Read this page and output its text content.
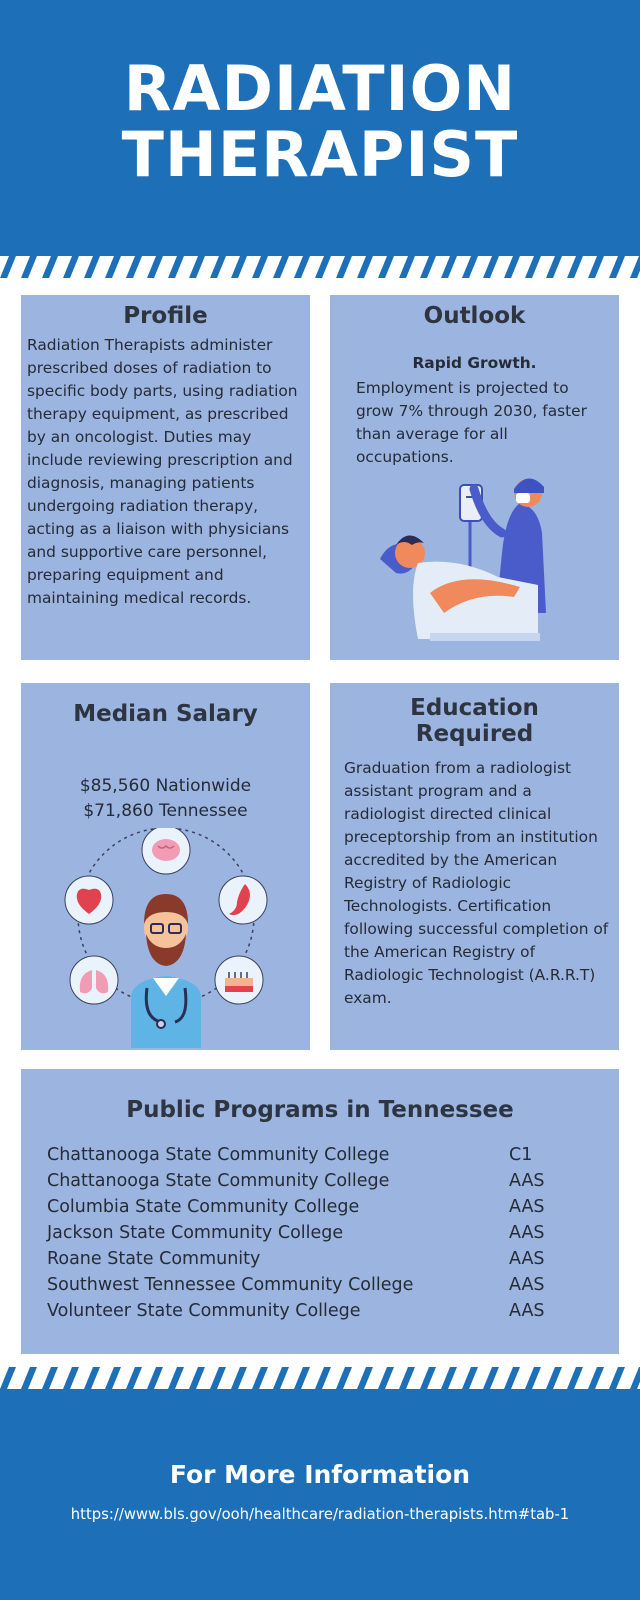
RADIATION
THERAPIST
Profile

Radiation Therapists administer prescribed doses of radiation to specific body parts, using radiation therapy equipment, as prescribed by an oncologist. Duties may include reviewing prescription and diagnosis, managing patients undergoing radiation therapy, acting as a liaison with physicians and supportive care personnel, preparing equipment and maintaining medical records.

Outlook

Rapid Growth.

Employment is projected to grow 7% through 2030, faster than average for all occupations.

Median Salary

$85,560 Nationwide

$71,860 Tennessee

Education
Required

Graduation from a radiologist assistant program and a radiologist directed clinical preceptorship from an institution accredited by the American Registry of Radiologic Technologists. Certification following successful completion of the American Registry of Radiologic Technologist (A.R.R.T) exam.

Public Programs in Tennessee
Chattanooga State Community College	C1
Chattanooga State Community College	AAS
Columbia State Community College	AAS
Jackson State Community College	AAS
Roane State Community	AAS
Southwest Tennessee Community College	AAS
Volunteer State Community College	AAS
For More Information
https://www.bls.gov/ooh/healthcare/radiation-therapists.htm#tab-1
